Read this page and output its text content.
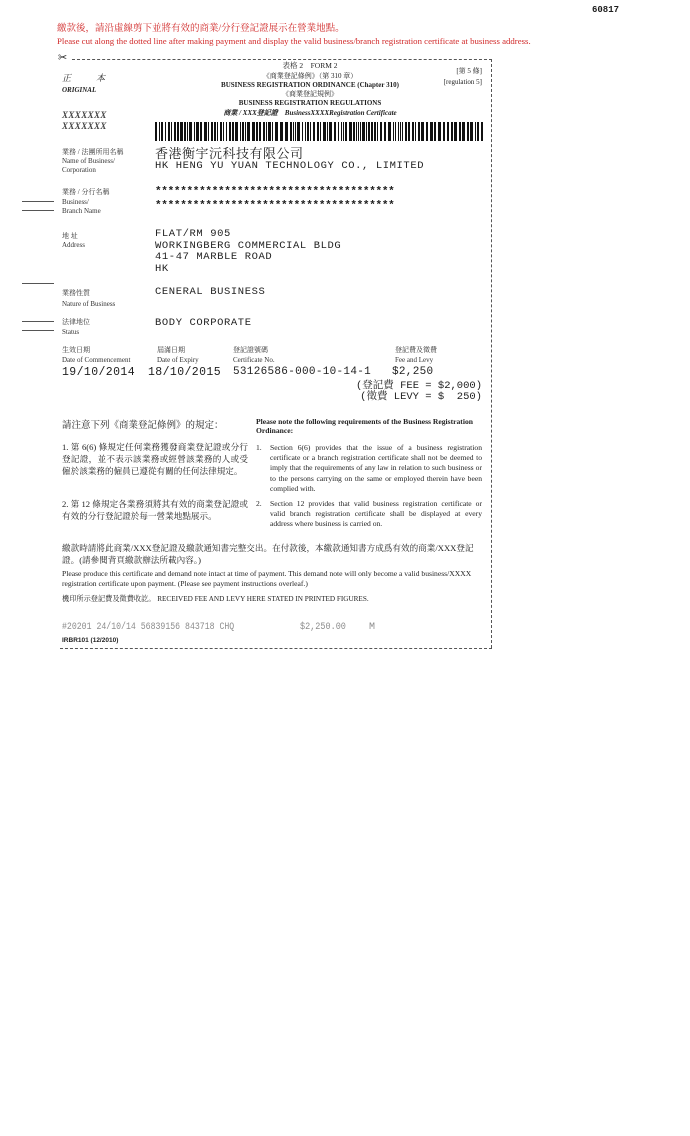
60817
繳款後，請沿虛線剪下並將有效的商業/分行登記證展示在營業地點。
Please cut along the dotted line after making payment and display the valid business/branch registration certificate at business address.
✂
正　本
ORIGINAL
表格 2　FORM 2
《商業登記條例》（第 310 章）
BUSINESS REGISTRATION ORDINANCE (Chapter 310)
《商業登記規例》
BUSINESS REGISTRATION REGULATIONS
商業 / XXX登記證　BusinessXXXXRegistration Certificate
[第 5 條]
[regulation 5]
XXXXXXX
XXXXXXX
業務 / 法團所用名稱
Name of Business/ Corporation
香港衡宇沅科技有限公司
HK HENG YU YUAN TECHNOLOGY CO., LIMITED
業務 / 分行名稱
Business/
Branch Name
**************************************
**************************************
地 址
Address
FLAT/RM 905
WORKINGBERG COMMERCIAL BLDG
41-47 MARBLE ROAD
HK
業務性質
Nature of Business
CENERAL BUSINESS
法律地位
Status
BODY CORPORATE
生效日期
Date of Commencement
19/10/2014
屆滿日期
Date of Expiry
18/10/2015
登記證號碼
Certificate No.
53126586-000-10-14-1
登記費及徵費
Fee and Levy
$2,250
(登記費 FEE = $2,000)
(徵費 LEVY = $  250)
請注意下列《商業登記條例》的規定：	Please note the following requirements of the Business Registration Ordinance:
1. 第 6(6) 條規定任何業務獲發商業登記證或分行登記證，並不表示該業務或經營該業務的人或受僱於該業務的僱員已遵從有關的任何法律規定。
1. Section 6(6) provides that the issue of a business registration certificate or a branch registration certificate shall not be deemed to imply that the requirements of any law in relation to such business or to the persons carrying on the same or employed therein have been complied with.
2. 第 12 條規定各業務須將其有效的商業登記證或有效的分行登記證於每一營業地點展示。
2. Section 12 provides that valid business registration certificate or valid branch registration certificate shall be displayed at every address where business is carried on.
繳款時請將此商業/XXX登記證及繳款通知書完整交出。在付款後，本繳款通知書方成爲有效的商業/XXX登記證。(請參閱背頁繳款辦法所載內容。)
Please produce this certificate and demand note intact at time of payment. This demand note will only become a valid business/XXXX registration certificate upon payment. (Please see payment instructions overleaf.)
機印所示登記費及徵費收訖。 RECEIVED FEE AND LEVY HERE STATED IN PRINTED FIGURES.
#20201 24/10/14 56839156 843718 CHQ	$2,250.00 M
IRBR101 (12/2010)
